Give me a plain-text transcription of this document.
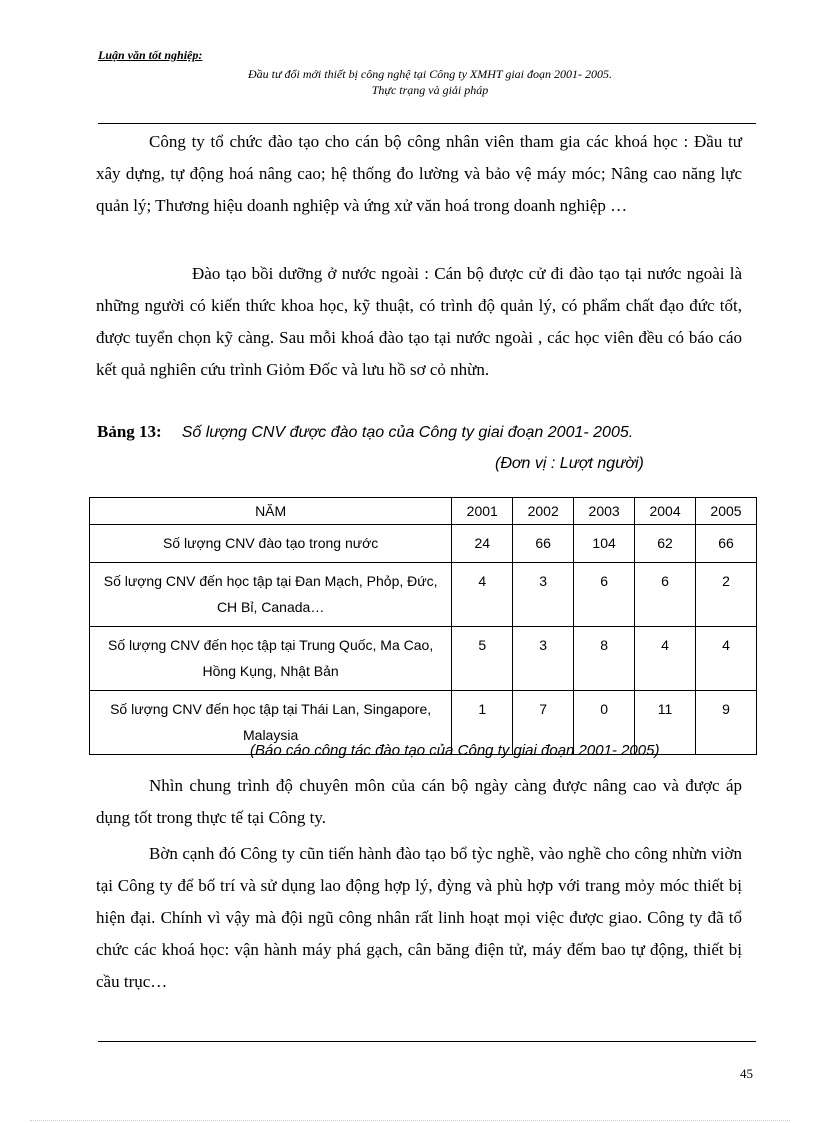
Luận văn tốt nghiệp:
Đầu tư đổi mới thiết bị công nghệ tại Công ty XMHT giai đoạn 2001- 2005.
Thực trạng và giải pháp
Công ty tổ chức đào tạo cho cán bộ công nhân viên tham gia các khoá học : Đầu tư xây dựng, tự động hoá nâng cao; hệ thống đo lường và bảo vệ máy móc; Nâng cao năng lực quản lý; Thương hiệu doanh nghiệp và ứng xử văn hoá trong doanh nghiệp …
Đào tạo bồi dưỡng ở nước ngoài : Cán bộ được cử đi đào tạo tại nước ngoài là những người có kiến thức khoa học, kỹ thuật, có trình độ quản lý, có phẩm chất đạo đức tốt, được tuyển chọn kỹ càng. Sau mỗi khoá đào tạo tại nước ngoài , các học viên đều có báo cáo kết quả nghiên cứu trình Giỏm Đốc và lưu hồ sơ cỏ nhừn.
Bảng 13: Số lượng CNV được đào tạo của Công ty giai đoạn 2001- 2005.
(Đơn vị : Lượt người)
NĂM	2001	2002	2003	2004	2005
Số lượng CNV đào tạo trong nước	24	66	104	62	66
Số lượng CNV đến học tập tại Đan Mạch, Phỏp, Đức, CH Bỉ, Canada…	4	3	6	6	2
Số lượng CNV đến học tập tại Trung Quốc, Ma Cao, Hồng Kụng, Nhật Bản	5	3	8	4	4
Số lượng CNV đến học tập tại Thái Lan, Singapore, Malaysia	1	7	0	11	9
(Báo cáo công tác đào tạo của Công ty giai đoạn 2001- 2005)
Nhìn chung trình độ chuyên môn của cán bộ ngày càng được nâng cao và được áp dụng tốt trong thực tế tại Công ty.
Bờn cạnh đó Công ty cũn tiến hành đào tạo bổ tỳc nghề, vào nghề cho công nhừn viờn tại Công ty để bố trí và sử dụng lao động hợp lý, đỳng và phù hợp với trang mỏy móc thiết bị hiện đại. Chính vì vậy mà đội ngũ công nhân rất linh hoạt mọi việc được giao. Công ty đã tổ chức các khoá học: vận hành máy phá gạch, cân băng điện tử, máy đếm bao tự động, thiết bị cầu trục…
45
